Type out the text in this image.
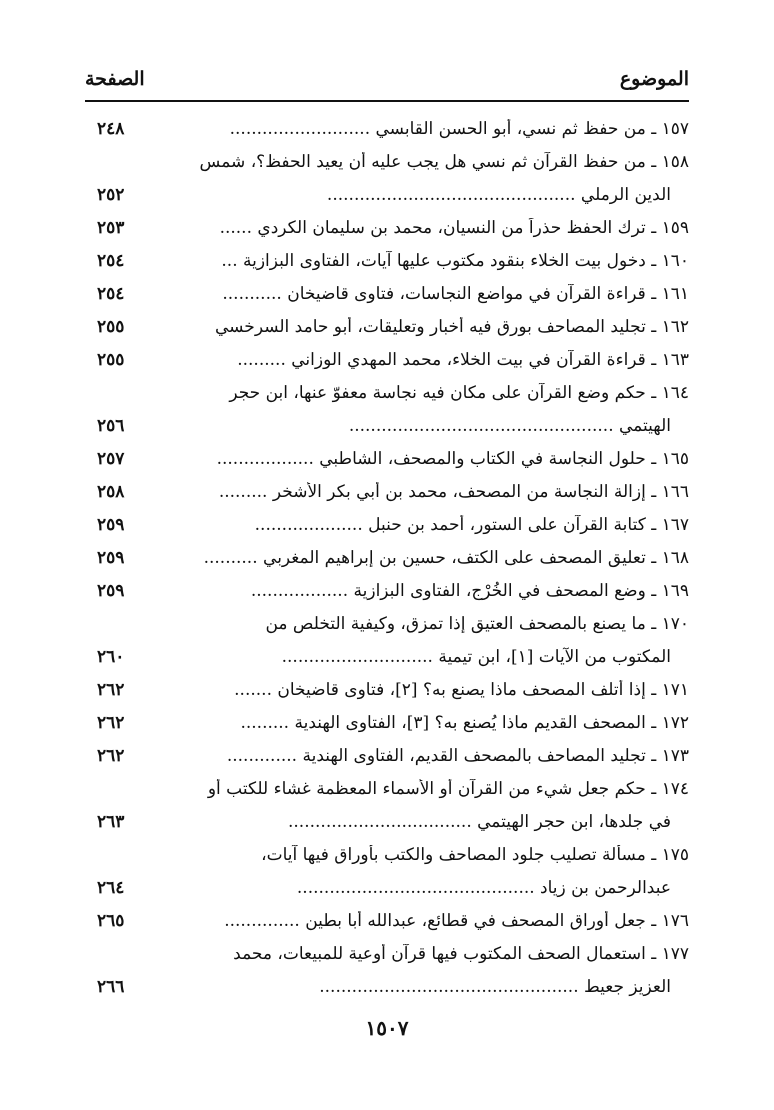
الموضوع
الصفحة
١٥٧ ـ من حفظ ثم نسي، أبو الحسن القابسي ..........................
٢٤٨
١٥٨ ـ من حفظ القرآن ثم نسي هل يجب عليه أن يعيد الحفظ؟، شمس
الدين الرملي ..............................................
٢٥٢
١٥٩ ـ ترك الحفظ حذراً من النسيان، محمد بن سليمان الكردي ......
٢٥٣
١٦٠ ـ دخول بيت الخلاء بنقود مكتوب عليها آيات، الفتاوى البزازية ...
٢٥٤
١٦١ ـ قراءة القرآن في مواضع النجاسات، فتاوى قاضيخان ...........
٢٥٤
١٦٢ ـ تجليد المصاحف بورق فيه أخبار وتعليقات، أبو حامد السرخسي
٢٥٥
١٦٣ ـ قراءة القرآن في بيت الخلاء، محمد المهدي الوزاني .........
٢٥٥
١٦٤ ـ حكم وضع القرآن على مكان فيه نجاسة معفوّ عنها، ابن حجر
الهيتمي .................................................
٢٥٦
١٦٥ ـ حلول النجاسة في الكتاب والمصحف، الشاطبي ..................
٢٥٧
١٦٦ ـ إزالة النجاسة من المصحف، محمد بن أبي بكر الأشخر .........
٢٥٨
١٦٧ ـ كتابة القرآن على الستور، أحمد بن حنبل ....................
٢٥٩
١٦٨ ـ تعليق المصحف على الكتف، حسين بن إبراهيم المغربي ..........
٢٥٩
١٦٩ ـ وضع المصحف في الخُرْج، الفتاوى البزازية ..................
٢٥٩
١٧٠ ـ ما يصنع بالمصحف العتيق إذا تمزق، وكيفية التخلص من
المكتوب من الآيات [١]، ابن تيمية ............................
٢٦٠
١٧١ ـ إذا أتلف المصحف ماذا يصنع به؟ [٢]، فتاوى قاضيخان .......
٢٦٢
١٧٢ ـ المصحف القديم ماذا يُصنع به؟ [٣]، الفتاوى الهندية .........
٢٦٢
١٧٣ ـ تجليد المصاحف بالمصحف القديم، الفتاوى الهندية .............
٢٦٢
١٧٤ ـ حكم جعل شيء من القرآن أو الأسماء المعظمة غشاء للكتب أو
في جلدها، ابن حجر الهيتمي ..................................
٢٦٣
١٧٥ ـ مسألة تصليب جلود المصاحف والكتب بأوراق فيها آيات،
عبدالرحمن بن زياد ............................................
٢٦٤
١٧٦ ـ جعل أوراق المصحف في قطائع، عبدالله أبا بطين ..............
٢٦٥
١٧٧ ـ استعمال الصحف المكتوب فيها قرآن أوعية للمبيعات، محمد
العزيز جعيط ................................................
٢٦٦
١٥٠٧
